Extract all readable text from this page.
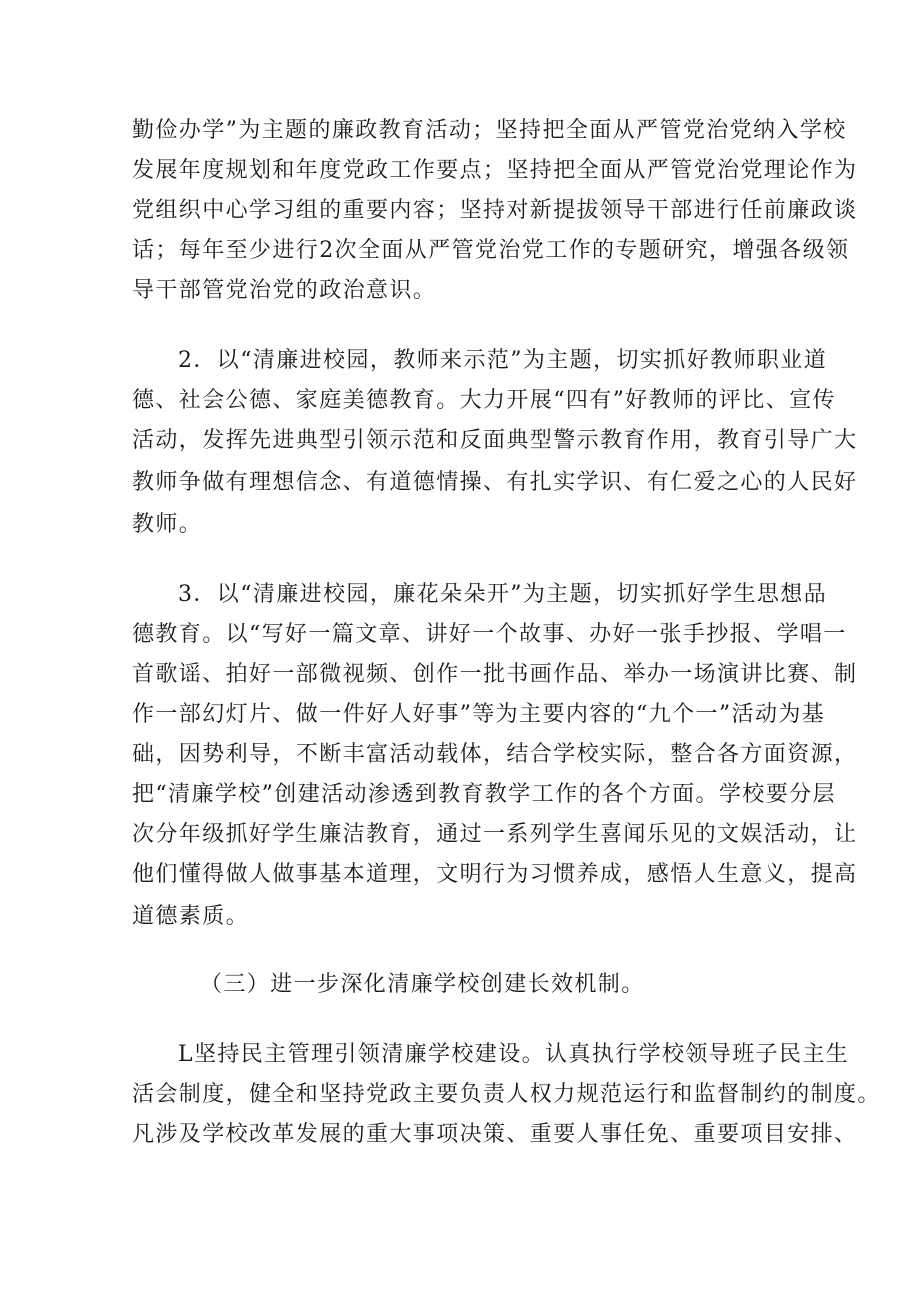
勤俭办学”为主题的廉政教育活动；坚持把全面从严管党治党纳入学校
发展年度规划和年度党政工作要点；坚持把全面从严管党治党理论作为
党组织中心学习组的重要内容；坚持对新提拔领导干部进行任前廉政谈
话；每年至少进行2次全面从严管党治党工作的专题研究，增强各级领
导干部管党治党的政治意识。
2．以“清廉进校园，教师来示范”为主题，切实抓好教师职业道
德、社会公德、家庭美德教育。大力开展“四有”好教师的评比、宣传
活动，发挥先进典型引领示范和反面典型警示教育作用，教育引导广大
教师争做有理想信念、有道德情操、有扎实学识、有仁爱之心的人民好
教师。
3．以“清廉进校园，廉花朵朵开”为主题，切实抓好学生思想品
德教育。以“写好一篇文章、讲好一个故事、办好一张手抄报、学唱一
首歌谣、拍好一部微视频、创作一批书画作品、举办一场演讲比赛、制
作一部幻灯片、做一件好人好事”等为主要内容的“九个一”活动为基
础，因势利导，不断丰富活动载体，结合学校实际，整合各方面资源，
把“清廉学校”创建活动渗透到教育教学工作的各个方面。学校要分层
次分年级抓好学生廉洁教育，通过一系列学生喜闻乐见的文娱活动，让
他们懂得做人做事基本道理，文明行为习惯养成，感悟人生意义，提高
道德素质。
（三）进一步深化清廉学校创建长效机制。
L坚持民主管理引领清廉学校建设。认真执行学校领导班子民主生
活会制度，健全和坚持党政主要负责人权力规范运行和监督制约的制度。
凡涉及学校改革发展的重大事项决策、重要人事任免、重要项目安排、
